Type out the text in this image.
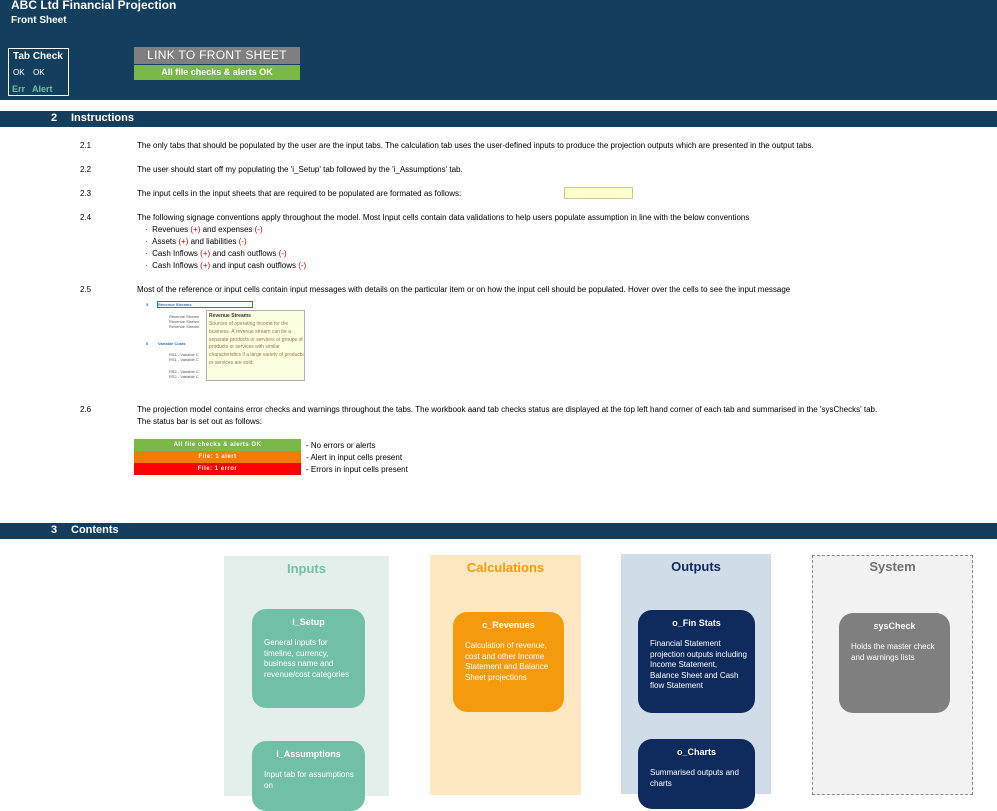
ABC Ltd Financial Projection
Front Sheet
Tab Check
OK OK
Err Alert
LINK TO FRONT SHEET
All file checks & alerts OK
2 Instructions
2.1	The only tabs that should be populated by the user are the input tabs. The calculation tab uses the user-defined inputs to produce the projection outputs which are presented in the output tabs.
2.2	The user should start off my populating the 'i_Setup' tab followed by the 'i_Assumptions' tab.
2.3	The input cells in the input sheets that are required to be populated are formated as follows:
2.4	The following signage conventions apply throughout the model. Most Input cells contain data validations to help users populate assumption in line with the below conventions
· Revenues (+) and expenses (-)
· Assets (+) and liabilities (-)
· Cash Inflows (+) and cash outflows (-)
· Cash Inflows (+) and input cash outflows (-)
2.5	Most of the reference or input cells contain input messages with details on the particular item or on how the input cell should be populated. Hover over the cells to see the input message
5 Revenue Streams
Revenue Stream
Revenue Stream
Revenue Stream
6 Variable Costs
RS1 - Variable C
RS1 - Variable C
RS2 - Variable C
RS2 - Variable C
Revenue Streams
Sources of operating income for the business. A revenue stream can be a separate products or services or groups of products or services with similar characteristics if a large variety of products or services are sold.
2.6	The projection model contains error checks and warnings throughout the tabs. The workbook aand tab checks status are displayed at the top left hand corner of each tab and summarised in the 'sysChecks' tab.
The status bar is set out as follows:
All file checks & alerts OK	- No errors or alerts
File: 1 alert	- Alert in input cells present
File: 1 error	- Errors in input cells present
3 Contents
Inputs
i_Setup
General inputs for timeline, currency, business name and revenue/cost categories
i_Assumptions
Input tab for assumptions on
Calculations
c_Revenues
Calculation of revenue, cost and other Income Statement and Balance Sheet projections
Outputs
o_Fin Stats
Financial Statement projection outputs including Income Statement, Balance Sheet and Cash flow Statement
o_Charts
Summarised outputs and charts
System
sysCheck
Holds the master check and warnings lists
